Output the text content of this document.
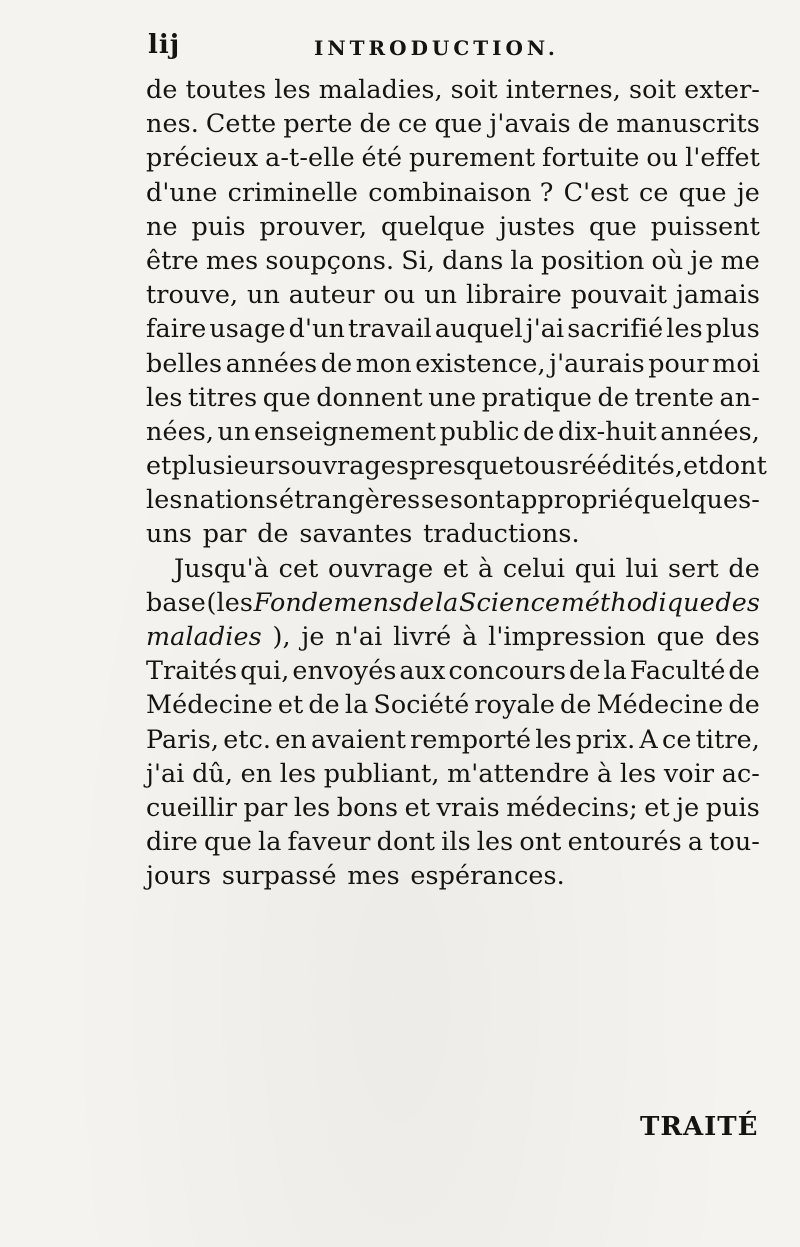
lij	INTRODUCTION.
de toutes les maladies, soit internes, soit exter-
nes. Cette perte de ce que j'avais de manuscrits
précieux a-t-elle été purement fortuite ou l'effet
d'une criminelle combinaison ? C'est ce que je
ne puis prouver, quelque justes que puissent
être mes soupçons. Si, dans la position où je me
trouve, un auteur ou un libraire pouvait jamais
faire usage d'un travail auquel j'ai sacrifié les plus
belles années de mon existence, j'aurais pour moi
les titres que donnent une pratique de trente an-
nées, un enseignement public de dix-huit années,
et plusieurs ouvrages presque tous réédités, et dont
les nations étrangères se sont approprié quelques-
uns par de savantes traductions.
Jusqu'à cet ouvrage et à celui qui lui sert de
base (les Fondemens de la Science méthodique des
maladies ), je n'ai livré à l'impression que des
Traités qui, envoyés aux concours de la Faculté de
Médecine et de la Société royale de Médecine de
Paris, etc. en avaient remporté les prix. A ce titre,
j'ai dû, en les publiant, m'attendre à les voir ac-
cueillir par les bons et vrais médecins; et je puis
dire que la faveur dont ils les ont entourés a tou-
jours surpassé mes espérances.
TRAITÉ
